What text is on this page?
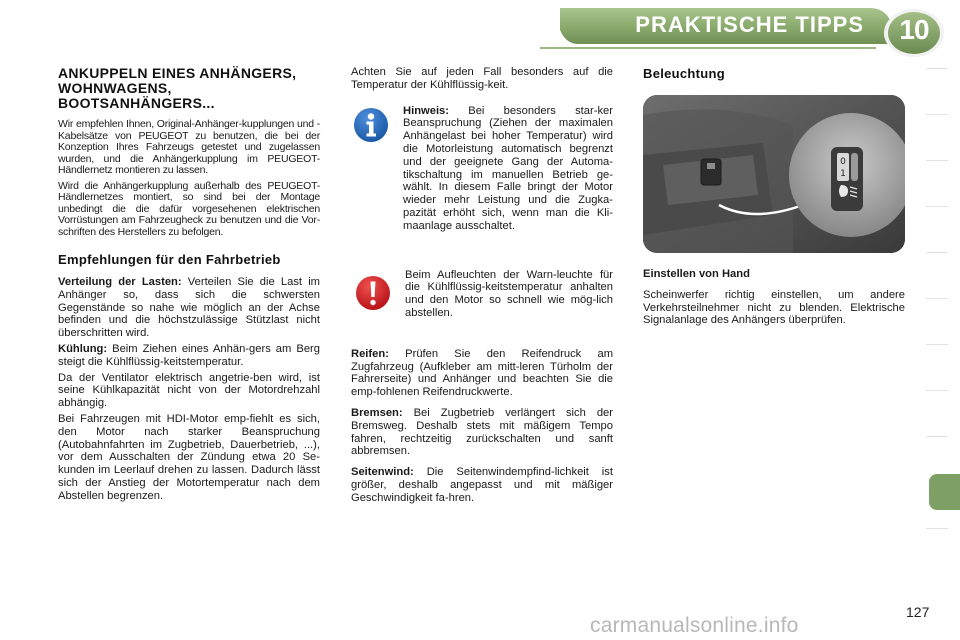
PRAKTISCHE TIPPS	10
ANKUPPELN EINES ANHÄNGERS, WOHNWAGENS, BOOTSANHÄNGERS...

Wir empfehlen Ihnen, Original-Anhänger-kupplungen und -Kabelsätze von PEUGEOT zu benutzen, die bei der Konzeption Ihres Fahrzeugs getestet und zugelassen wurden, und die Anhängerkupplung im PEUGEOT-Händlernetz montieren zu lassen.

Wird die Anhängerkupplung außerhalb des PEUGEOT-Händlernetzes montiert, so sind bei der Montage unbedingt die die dafür vorgesehenen elektrischen Vorrüstungen am Fahrzeugheck zu benutzen und die Vor-schriften des Herstellers zu befolgen.

Empfehlungen für den Fahrbetrieb

Verteilung der Lasten: Verteilen Sie die Last im Anhänger so, dass sich die schwersten Gegenstände so nahe wie möglich an der Achse befinden und die höchstzulässige Stützlast nicht überschritten wird.

Kühlung: Beim Ziehen eines Anhän-gers am Berg steigt die Kühlflüssig-keitstemperatur.

Da der Ventilator elektrisch angetrie-ben wird, ist seine Kühlkapazität nicht von der Motordrehzahl abhängig.

Bei Fahrzeugen mit HDI-Motor emp-fiehlt es sich, den Motor nach starker Beanspruchung (Autobahnfahrten im Zugbetrieb, Dauerbetrieb, ...), vor dem Ausschalten der Zündung etwa 20 Se-kunden im Leerlauf drehen zu lassen. Dadurch lässt sich der Anstieg der Motortemperatur nach dem Abstellen begrenzen.

Achten Sie auf jeden Fall besonders auf die Temperatur der Kühlflüssig-keit.

Hinweis: Bei besonders star-ker Beanspruchung (Ziehen der maximalen Anhängelast bei hoher Temperatur) wird die Motorleistung automatisch begrenzt und der geeignete Gang der Automa-tikschaltung im manuellen Betrieb ge-wählt. In diesem Falle bringt der Motor wieder mehr Leistung und die Zugka-pazität erhöht sich, wenn man die Kli-maanlage ausschaltet.

Beim Aufleuchten der Warn-leuchte für die Kühlflüssig-keitstemperatur anhalten und den Motor so schnell wie mög-lich abstellen.

Reifen: Prüfen Sie den Reifendruck am Zugfahrzeug (Aufkleber am mitt-leren Türholm der Fahrerseite) und Anhänger und beachten Sie die emp-fohlenen Reifendruckwerte.

Bremsen: Bei Zugbetrieb verlängert sich der Bremsweg. Deshalb stets mit mäßigem Tempo fahren, rechtzeitig zurückschalten und sanft abbremsen.

Seitenwind: Die Seitenwindempfind-lichkeit ist größer, deshalb angepasst und mit mäßiger Geschwindigkeit fa-hren.

Beleuchtung
0
1

Einstellen von Hand

Scheinwerfer richtig einstellen, um andere Verkehrsteilnehmer nicht zu blenden. Elektrische Signalanlage des Anhängers überprüfen.

carmanualsonline.info
127
